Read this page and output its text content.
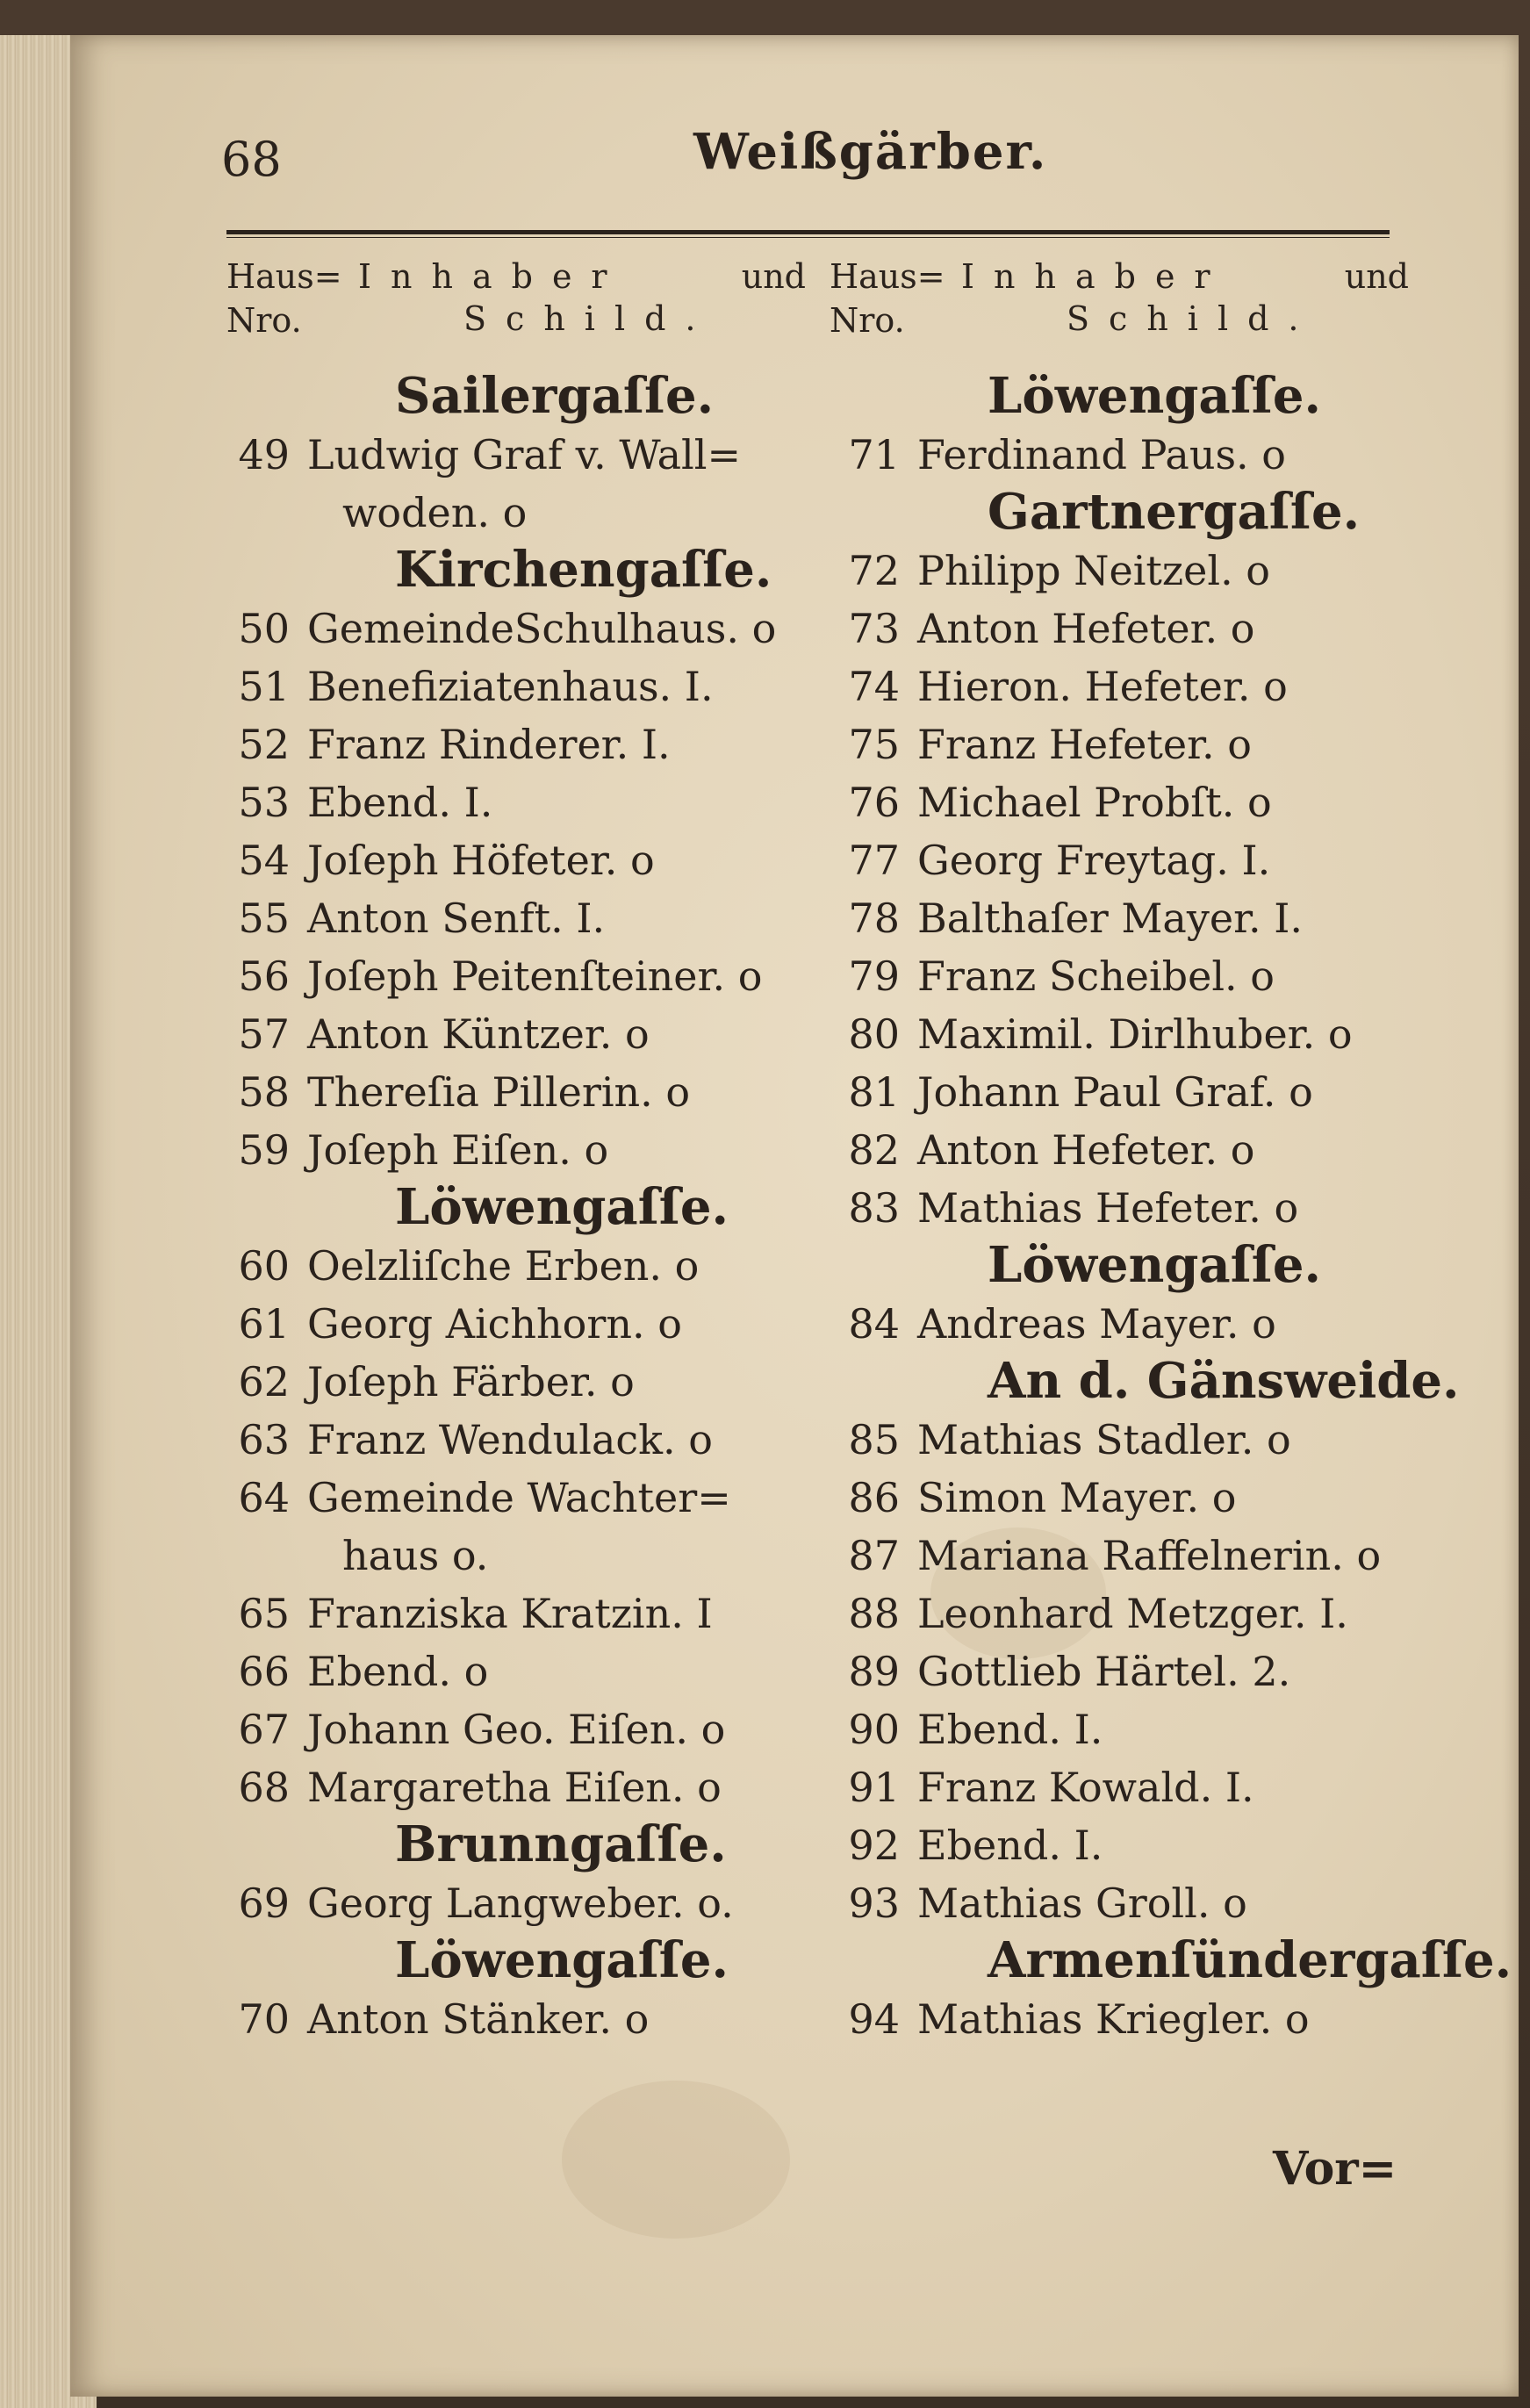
68	Weißgärber.
Haus=
Nro.
Inhaber	und
Schild.
Haus=
Nro.
Inhaber	und
Schild.
Sailergaſſe.
49 Ludwig Graf v. Wall=
woden. o
Kirchengaſſe.
50 GemeindeSchulhaus. o
51 Benefiziatenhaus. I.
52 Franz Rinderer. I.
53 Ebend. I.
54 Joſeph Höfeter. o
55 Anton Senft. I.
56 Joſeph Peitenſteiner. o
57 Anton Küntzer. o
58 Thereſia Pillerin. o
59 Joſeph Eiſen. o
Löwengaſſe.
60 Oelzliſche Erben. o
61 Georg Aichhorn. o
62 Joſeph Färber. o
63 Franz Wendulack. o
64 Gemeinde Wachter=
haus o.
65 Franziska Kratzin. I
66 Ebend. o
67 Johann Geo. Eiſen. o
68 Margaretha Eiſen. o
Brunngaſſe.
69 Georg Langweber. o.
Löwengaſſe.
70 Anton Stänker. o
Löwengaſſe.
71 Ferdinand Paus. o
Gartnergaſſe.
72 Philipp Neitzel. o
73 Anton Hefeter. o
74 Hieron. Hefeter. o
75 Franz Hefeter. o
76 Michael Probſt. o
77 Georg Freytag. I.
78 Balthaſer Mayer. I.
79 Franz Scheibel. o
80 Maximil. Dirlhuber. o
81 Johann Paul Graf. o
82 Anton Hefeter. o
83 Mathias Hefeter. o
Löwengaſſe.
84 Andreas Mayer. o
An d. Gänsweide.
85 Mathias Stadler. o
86 Simon Mayer. o
87 Mariana Raffelnerin. o
88 Leonhard Metzger. I.
89 Gottlieb Härtel. 2.
90 Ebend. I.
91 Franz Kowald. I.
92 Ebend. I.
93 Mathias Groll. o
Armenſündergaſſe.
94 Mathias Kriegler. o
Vor=
